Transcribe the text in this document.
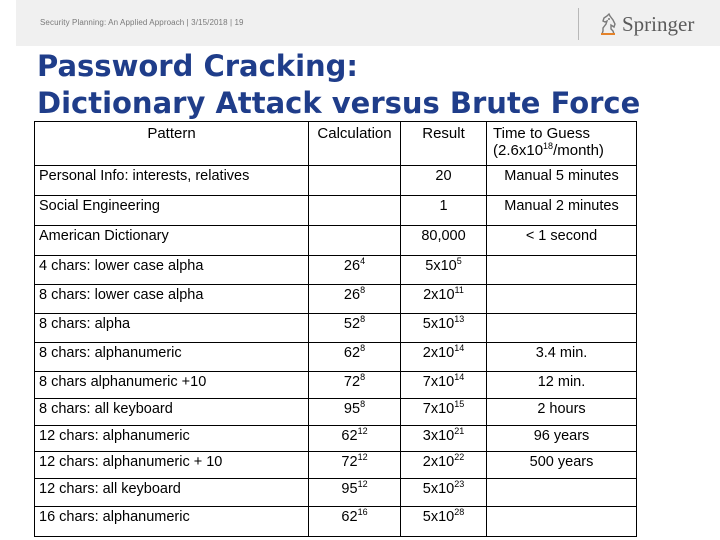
Security Planning: An Applied Approach | 3/15/2018 | 19	Springer
Password Cracking:
Dictionary Attack versus Brute Force
Pattern	Calculation	Result	Time to Guess
$(2.6x10^{18}/month)$

Personal Info: interests, relatives		20	Manual 5 minutes
Social Engineering		1	Manual 2 minutes
American Dictionary		80,000	< 1 second
4 chars: lower case alpha	$26^4$	$5x10^5$	
8 chars: lower case alpha	$26^8$	$2x10^{11}$	
8 chars: alpha	$52^8$	$5x10^{13}$	
8 chars: alphanumeric	$62^8$	$2x10^{14}$	3.4 min.
8 chars alphanumeric +10	$72^8$	$7x10^{14}$	12 min.
8 chars: all keyboard	$95^8$	$7x10^{15}$	2 hours
12 chars: alphanumeric	$62^{12}$	$3x10^{21}$	96 years
12 chars: alphanumeric + 10	$72^{12}$	$2x10^{22}$	500 years
12 chars: all keyboard	$95^{12}$	$5x10^{23}$	
16 chars: alphanumeric	$62^{16}$	$5x10^{28}$	
